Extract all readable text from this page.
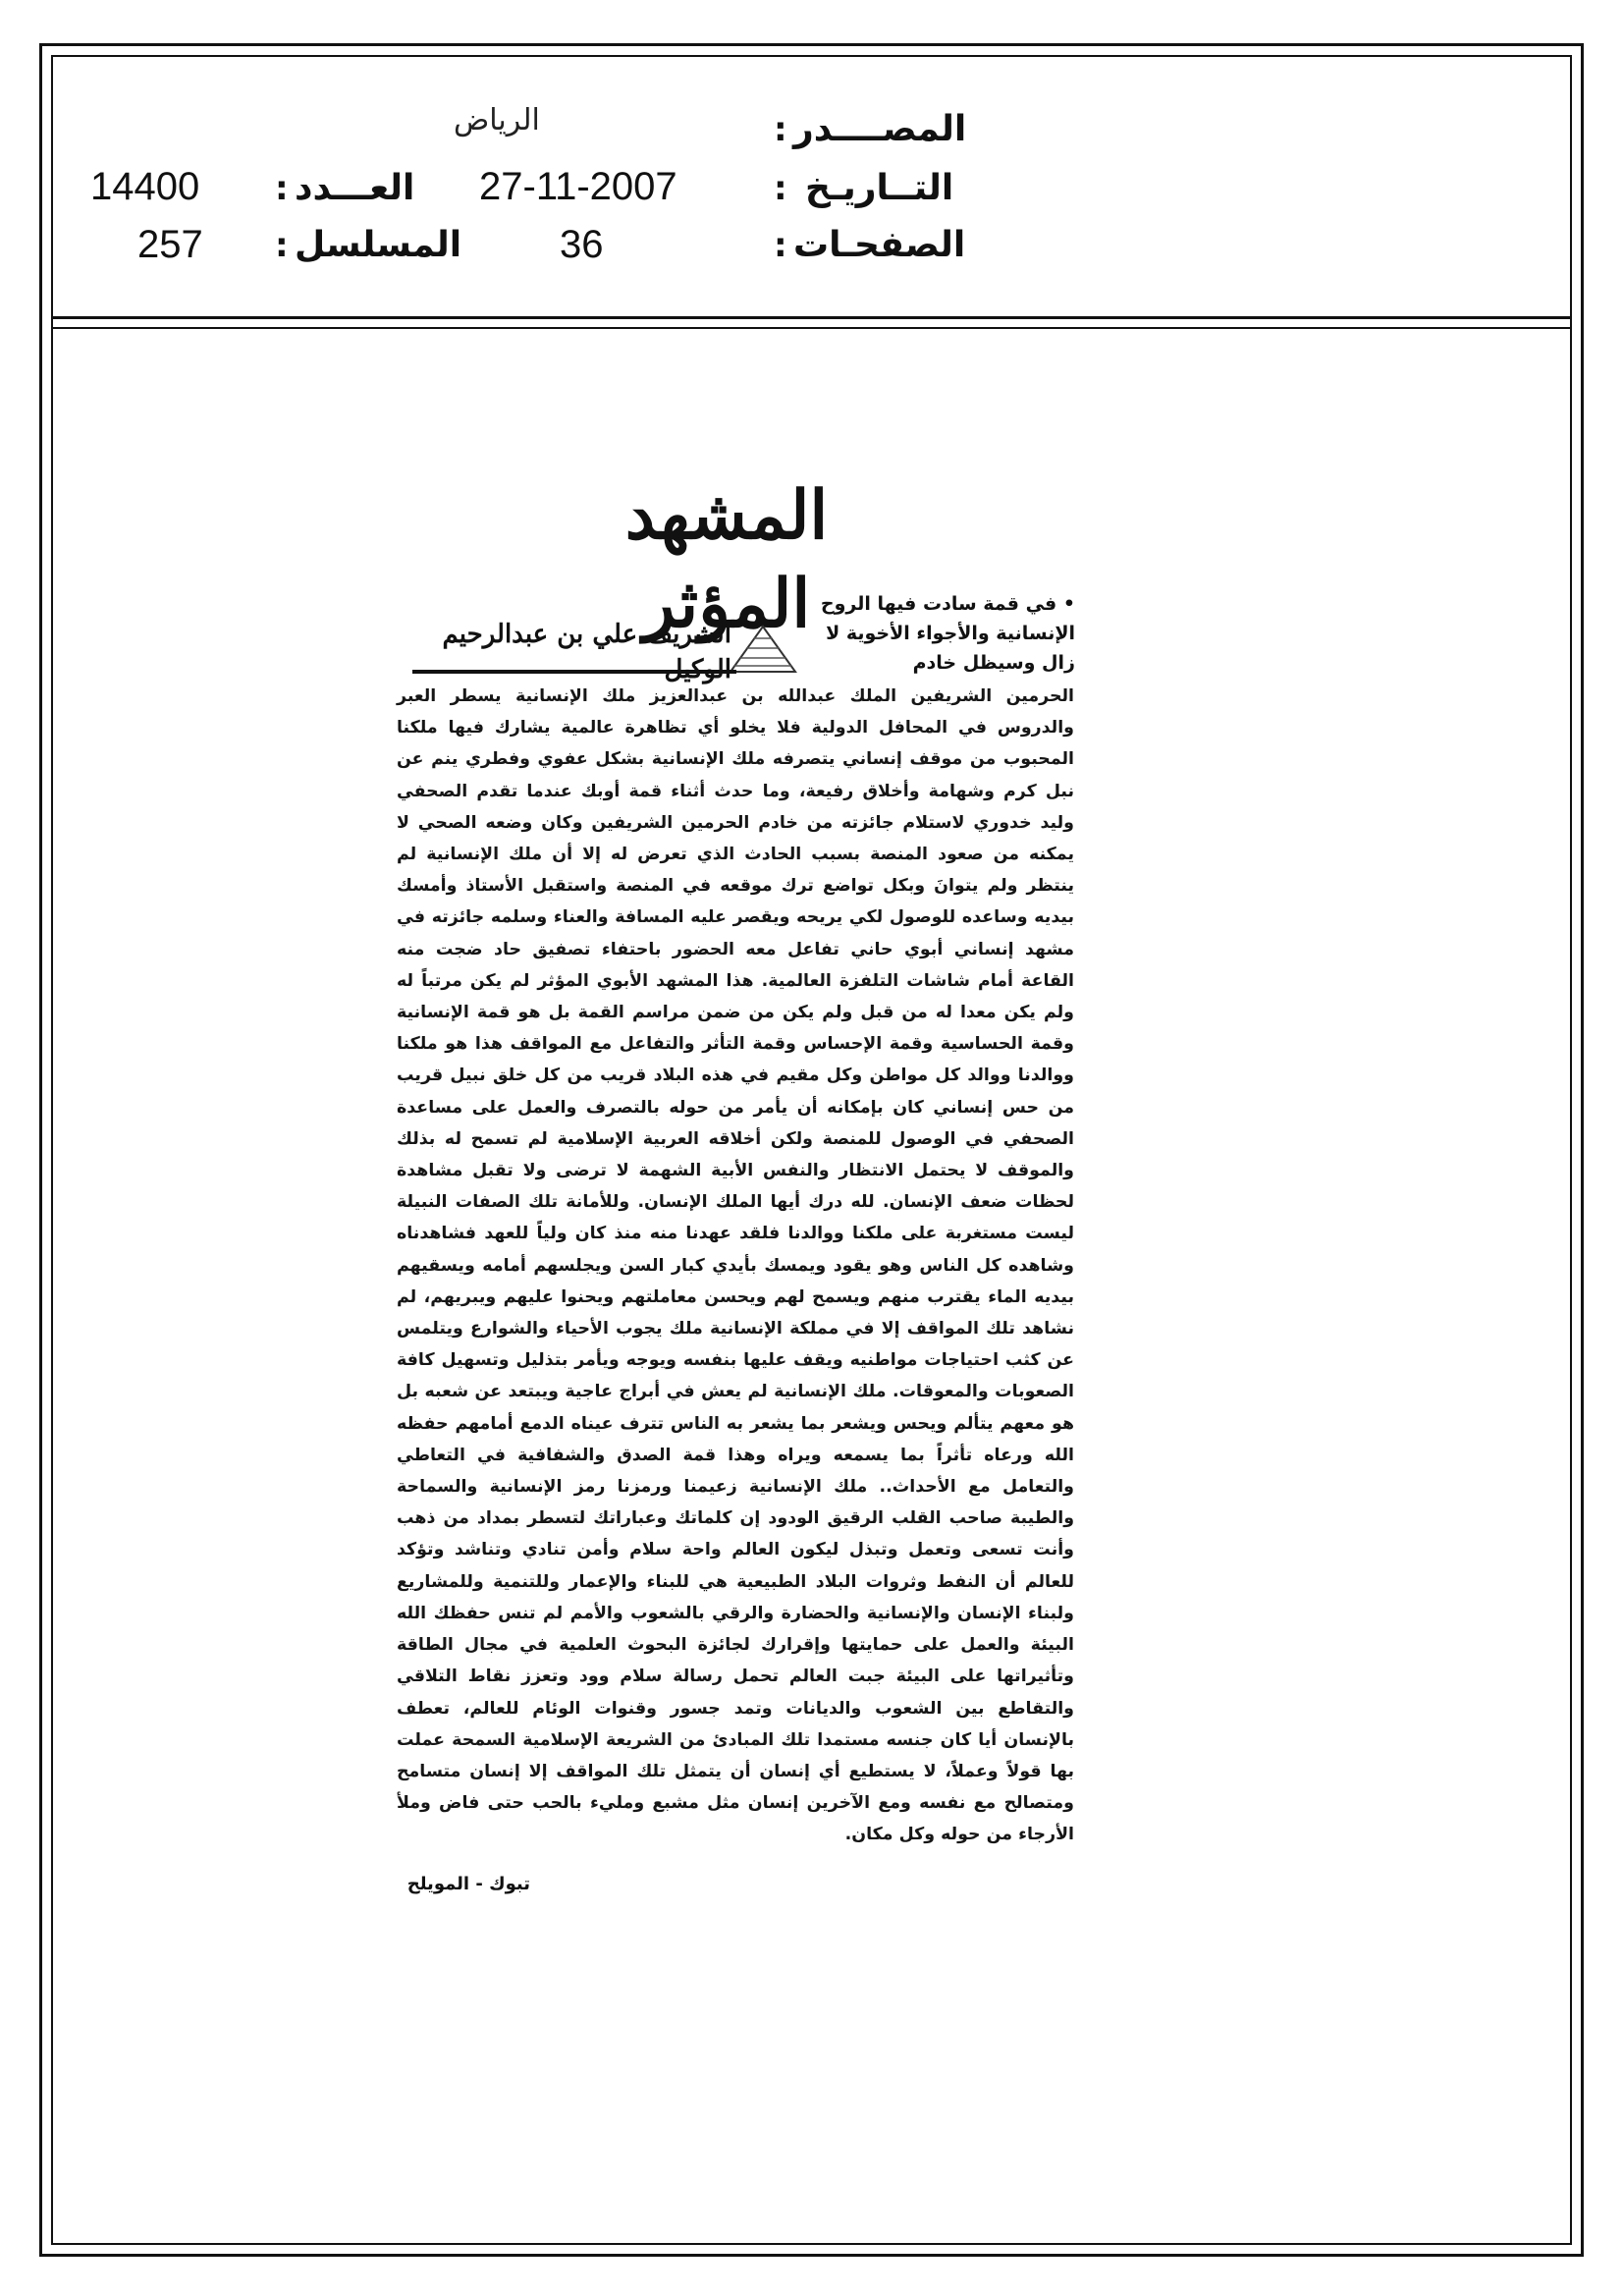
المصــــدر
:
الرياض
التــاريـخ
:
27-11-2007
العـــدد
:
14400
الصفحـات
:
36
المسلسل
:
257
المشهد المؤثر
الشريف علي بن عبدالرحيم الوكيل
• في قمة سادت فيها الروح الإنسانية والأجواء الأخوية لا زال وسيظل خادم
الحرمين الشريفين الملك عبدالله بن عبدالعزيز ملك الإنسانية يسطر العبر والدروس في المحافل الدولية فلا يخلو أي تظاهرة عالمية يشارك فيها ملكنا المحبوب من موقف إنساني يتصرفه ملك الإنسانية بشكل عفوي وفطري ينم عن نبل كرم وشهامة وأخلاق رفيعة، وما حدث أثناء قمة أوبك عندما تقدم الصحفي وليد خدوري لاستلام جائزته من خادم الحرمين الشريفين وكان وضعه الصحي لا يمكنه من صعود المنصة بسبب الحادث الذي تعرض له إلا أن ملك الإنسانية لم ينتظر ولم يتوانَ وبكل تواضع ترك موقعه في المنصة واستقبل الأستاذ وأمسك بيديه وساعده للوصول لكي يريحه ويقصر عليه المسافة والعناء وسلمه جائزته في مشهد إنساني أبوي حاني تفاعل معه الحضور باحتفاء تصفيق حاد ضجت منه القاعة أمام شاشات التلفزة العالمية. هذا المشهد الأبوي المؤثر لم يكن مرتباً له ولم يكن معدا له من قبل ولم يكن من ضمن مراسم القمة بل هو قمة الإنسانية وقمة الحساسية وقمة الإحساس وقمة التأثر والتفاعل مع المواقف هذا هو ملكنا ووالدنا ووالد كل مواطن وكل مقيم في هذه البلاد قريب من كل خلق نبيل قريب من حس إنساني كان بإمكانه أن يأمر من حوله بالتصرف والعمل على مساعدة الصحفي في الوصول للمنصة ولكن أخلاقه العربية الإسلامية لم تسمح له بذلك والموقف لا يحتمل الانتظار والنفس الأبية الشهمة لا ترضى ولا تقبل مشاهدة لحظات ضعف الإنسان. لله درك أيها الملك الإنسان. وللأمانة تلك الصفات النبيلة ليست مستغربة على ملكنا ووالدنا فلقد عهدنا منه منذ كان ولياً للعهد فشاهدناه وشاهده كل الناس وهو يقود ويمسك بأيدي كبار السن ويجلسهم أمامه ويسقيهم بيديه الماء يقترب منهم ويسمح لهم ويحسن معاملتهم ويحنوا عليهم ويبريهم، لم نشاهد تلك المواقف إلا في مملكة الإنسانية ملك يجوب الأحياء والشوارع ويتلمس عن كثب احتياجات مواطنيه ويقف عليها بنفسه ويوجه ويأمر بتذليل وتسهيل كافة الصعوبات والمعوقات. ملك الإنسانية لم يعش في أبراج عاجية ويبتعد عن شعبه بل هو معهم يتألم ويحس ويشعر بما يشعر به الناس تترف عيناه الدمع أمامهم حفظه الله ورعاه تأثراً بما يسمعه ويراه وهذا قمة الصدق والشفافية في التعاطي والتعامل مع الأحداث.. ملك الإنسانية زعيمنا ورمزنا رمز الإنسانية والسماحة والطيبة صاحب القلب الرقيق الودود إن كلماتك وعباراتك لتسطر بمداد من ذهب وأنت تسعى وتعمل وتبذل ليكون العالم واحة سلام وأمن تنادي وتناشد وتؤكد للعالم أن النفط وثروات البلاد الطبيعية هي للبناء والإعمار وللتنمية وللمشاريع ولبناء الإنسان والإنسانية والحضارة والرقي بالشعوب والأمم لم تنس حفظك الله البيئة والعمل على حمايتها وإقرارك لجائزة البحوث العلمية في مجال الطاقة وتأثيراتها على البيئة جبت العالم تحمل رسالة سلام وود وتعزز نقاط التلاقي والتقاطع بين الشعوب والديانات وتمد جسور وقنوات الوئام للعالم، تعطف بالإنسان أيا كان جنسه مستمدا تلك المبادئ من الشريعة الإسلامية السمحة عملت بها قولاً وعملاً، لا يستطيع أي إنسان أن يتمثل تلك المواقف إلا إنسان متسامح ومتصالح مع نفسه ومع الآخرين إنسان مثل مشبع ومليء بالحب حتى فاض وملأ الأرجاء من حوله وكل مكان.
تبوك - المويلح
